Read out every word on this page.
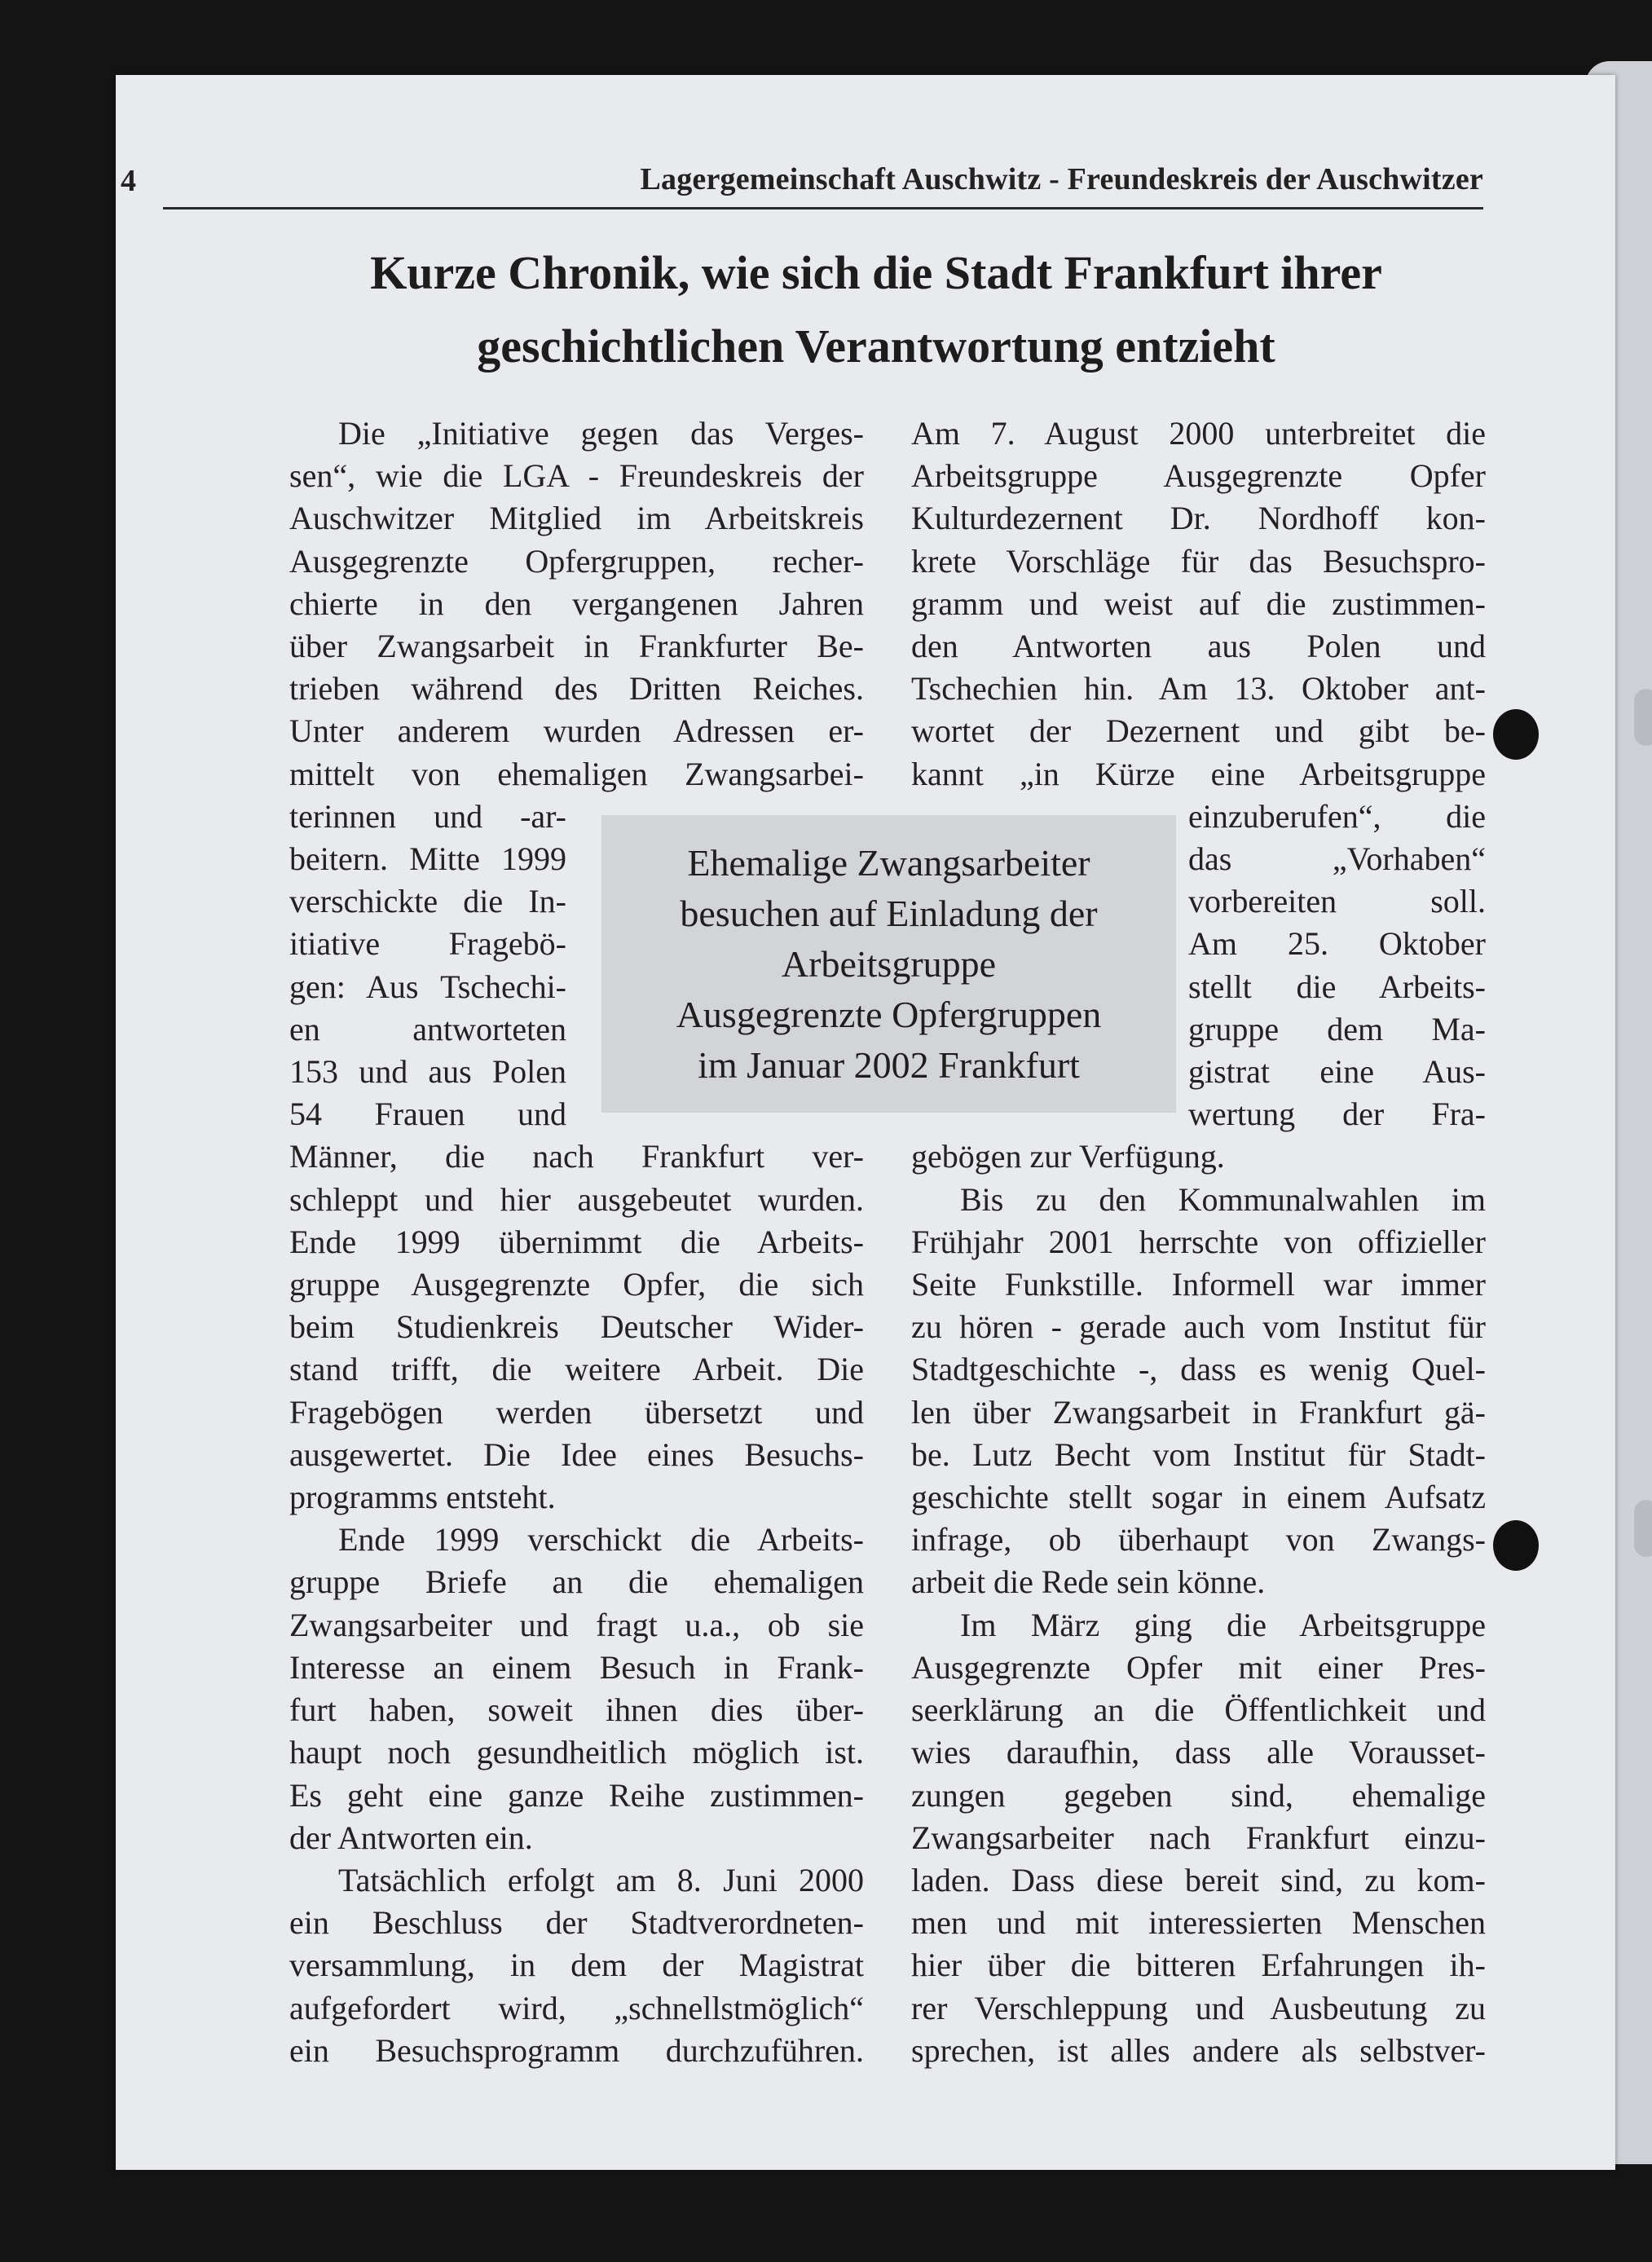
4	Lagergemeinschaft Auschwitz - Freundeskreis der Auschwitzer
Kurze Chronik, wie sich die Stadt Frankfurt ihrer
geschichtlichen Verantwortung entzieht

Die „Initiative gegen das Verges-

sen“, wie die LGA - Freundeskreis der

Auschwitzer Mitglied im Arbeitskreis

Ausgegrenzte Opfergruppen, recher-

chierte in den vergangenen Jahren

über Zwangsarbeit in Frankfurter Be-

trieben während des Dritten Reiches.

Unter anderem wurden Adressen er-

mittelt von ehemaligen Zwangsarbei-

terinnen und -ar-

beitern. Mitte 1999

verschickte die In-

itiative Fragebö-

gen: Aus Tschechi-

en antworteten

153 und aus Polen

54 Frauen und

Männer, die nach Frankfurt ver-

schleppt und hier ausgebeutet wurden.

Ende 1999 übernimmt die Arbeits-

gruppe Ausgegrenzte Opfer, die sich

beim Studienkreis Deutscher Wider-

stand trifft, die weitere Arbeit. Die

Fragebögen werden übersetzt und

ausgewertet. Die Idee eines Besuchs-

programms entsteht.

Ende 1999 verschickt die Arbeits-

gruppe Briefe an die ehemaligen

Zwangsarbeiter und fragt u.a., ob sie

Interesse an einem Besuch in Frank-

furt haben, soweit ihnen dies über-

haupt noch gesundheitlich möglich ist.

Es geht eine ganze Reihe zustimmen-

der Antworten ein.

Tatsächlich erfolgt am 8. Juni 2000

ein Beschluss der Stadtverordneten-

versammlung, in dem der Magistrat

aufgefordert wird, „schnellstmöglich“

ein Besuchsprogramm durchzuführen.

Am 7. August 2000 unterbreitet die

Arbeitsgruppe Ausgegrenzte Opfer

Kulturdezernent Dr. Nordhoff kon-

krete Vorschläge für das Besuchspro-

gramm und weist auf die zustimmen-

den Antworten aus Polen und

Tschechien hin. Am 13. Oktober ant-

wortet der Dezernent und gibt be-

kannt „in Kürze eine Arbeitsgruppe

einzuberufen“, die

das „Vorhaben“

vorbereiten soll.

Am 25. Oktober

stellt die Arbeits-

gruppe dem Ma-

gistrat eine Aus-

wertung der Fra-

gebögen zur Verfügung.

Bis zu den Kommunalwahlen im

Frühjahr 2001 herrschte von offizieller

Seite Funkstille. Informell war immer

zu hören - gerade auch vom Institut für

Stadtgeschichte -, dass es wenig Quel-

len über Zwangsarbeit in Frankfurt gä-

be. Lutz Becht vom Institut für Stadt-

geschichte stellt sogar in einem Aufsatz

infrage, ob überhaupt von Zwangs-

arbeit die Rede sein könne.

Im März ging die Arbeitsgruppe

Ausgegrenzte Opfer mit einer Pres-

seerklärung an die Öffentlichkeit und

wies daraufhin, dass alle Vorausset-

zungen gegeben sind, ehemalige

Zwangsarbeiter nach Frankfurt einzu-

laden. Dass diese bereit sind, zu kom-

men und mit interessierten Menschen

hier über die bitteren Erfahrungen ih-

rer Verschleppung und Ausbeutung zu

sprechen, ist alles andere als selbstver-

Ehemalige Zwangsarbeiter
besuchen auf Einladung der
Arbeitsgruppe
Ausgegrenzte Opfergruppen
im Januar 2002 Frankfurt
